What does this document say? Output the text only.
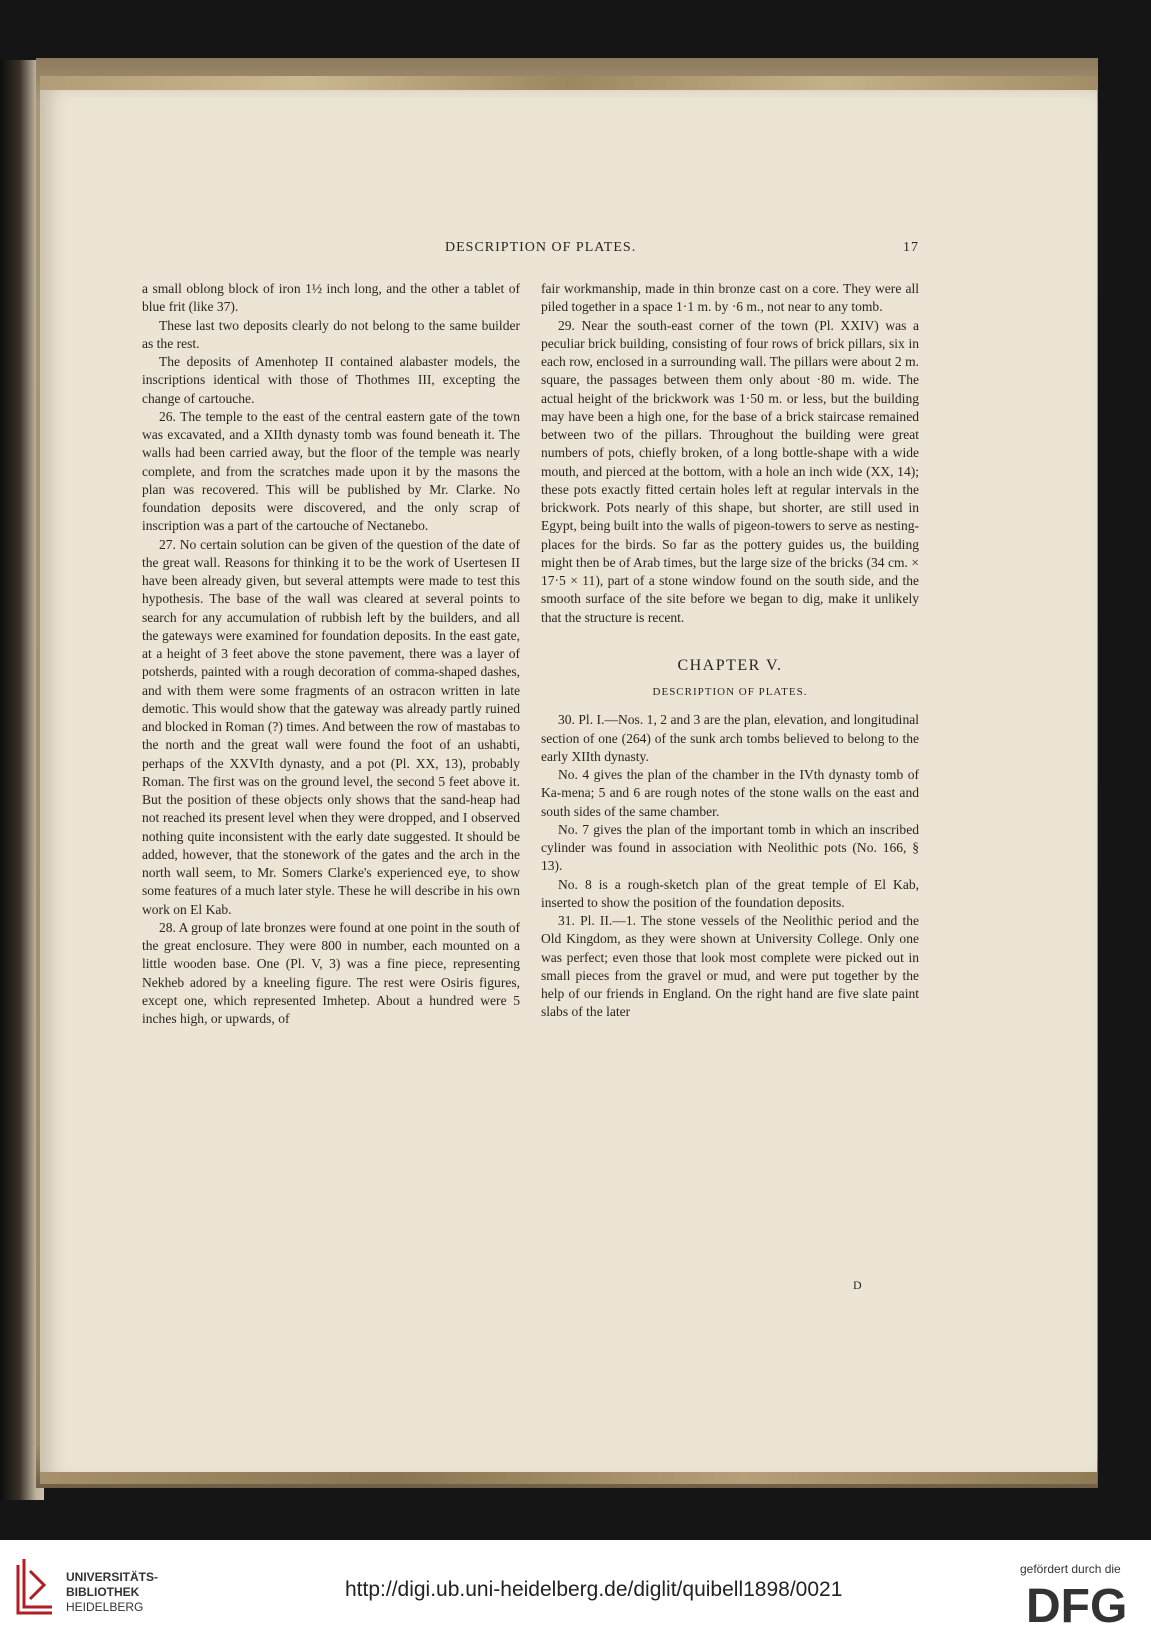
DESCRIPTION OF PLATES.	17

a small oblong block of iron 1½ inch long, and the other a tablet of blue frit (like 37).

These last two deposits clearly do not belong to the same builder as the rest.

The deposits of Amenhotep II contained alabaster models, the inscriptions identical with those of Thothmes III, excepting the change of cartouche.

26. The temple to the east of the central eastern gate of the town was excavated, and a XIIth dynasty tomb was found beneath it. The walls had been carried away, but the floor of the temple was nearly complete, and from the scratches made upon it by the masons the plan was recovered. This will be published by Mr. Clarke. No foundation deposits were discovered, and the only scrap of inscription was a part of the cartouche of Nectanebo.

27. No certain solution can be given of the question of the date of the great wall. Reasons for thinking it to be the work of Usertesen II have been already given, but several attempts were made to test this hypothesis. The base of the wall was cleared at several points to search for any accumulation of rubbish left by the builders, and all the gateways were examined for foundation deposits. In the east gate, at a height of 3 feet above the stone pavement, there was a layer of potsherds, painted with a rough decoration of comma-shaped dashes, and with them were some fragments of an ostracon written in late demotic. This would show that the gateway was already partly ruined and blocked in Roman (?) times. And between the row of mastabas to the north and the great wall were found the foot of an ushabti, perhaps of the XXVIth dynasty, and a pot (Pl. XX, 13), probably Roman. The first was on the ground level, the second 5 feet above it. But the position of these objects only shows that the sand-heap had not reached its present level when they were dropped, and I observed nothing quite inconsistent with the early date suggested. It should be added, however, that the stonework of the gates and the arch in the north wall seem, to Mr. Somers Clarke's experienced eye, to show some features of a much later style. These he will describe in his own work on El Kab.

28. A group of late bronzes were found at one point in the south of the great enclosure. They were 800 in number, each mounted on a little wooden base. One (Pl. V, 3) was a fine piece, representing Nekheb adored by a kneeling figure. The rest were Osiris figures, except one, which represented Imhetep. About a hundred were 5 inches high, or upwards, of

fair workmanship, made in thin bronze cast on a core. They were all piled together in a space 1·1 m. by ·6 m., not near to any tomb.

29. Near the south-east corner of the town (Pl. XXIV) was a peculiar brick building, consisting of four rows of brick pillars, six in each row, enclosed in a surrounding wall. The pillars were about 2 m. square, the passages between them only about ·80 m. wide. The actual height of the brickwork was 1·50 m. or less, but the building may have been a high one, for the base of a brick staircase remained between two of the pillars. Throughout the building were great numbers of pots, chiefly broken, of a long bottle-shape with a wide mouth, and pierced at the bottom, with a hole an inch wide (XX, 14); these pots exactly fitted certain holes left at regular intervals in the brickwork. Pots nearly of this shape, but shorter, are still used in Egypt, being built into the walls of pigeon-towers to serve as nesting-places for the birds. So far as the pottery guides us, the building might then be of Arab times, but the large size of the bricks (34 cm. × 17·5 × 11), part of a stone window found on the south side, and the smooth surface of the site before we began to dig, make it unlikely that the structure is recent.

CHAPTER V.

DESCRIPTION OF PLATES.

30. Pl. I.—Nos. 1, 2 and 3 are the plan, elevation, and longitudinal section of one (264) of the sunk arch tombs believed to belong to the early XIIth dynasty.

No. 4 gives the plan of the chamber in the IVth dynasty tomb of Ka-mena; 5 and 6 are rough notes of the stone walls on the east and south sides of the same chamber.

No. 7 gives the plan of the important tomb in which an inscribed cylinder was found in association with Neolithic pots (No. 166, § 13).

No. 8 is a rough-sketch plan of the great temple of El Kab, inserted to show the position of the foundation deposits.

31. Pl. II.—1. The stone vessels of the Neolithic period and the Old Kingdom, as they were shown at University College. Only one was perfect; even those that look most complete were picked out in small pieces from the gravel or mud, and were put together by the help of our friends in England. On the right hand are five slate paint slabs of the later

D
UNIVERSITÄTS-
BIBLIOTHEK
HEIDELBERG
http://digi.ub.uni-heidelberg.de/diglit/quibell1898/0021
gefördert durch die
DFG
